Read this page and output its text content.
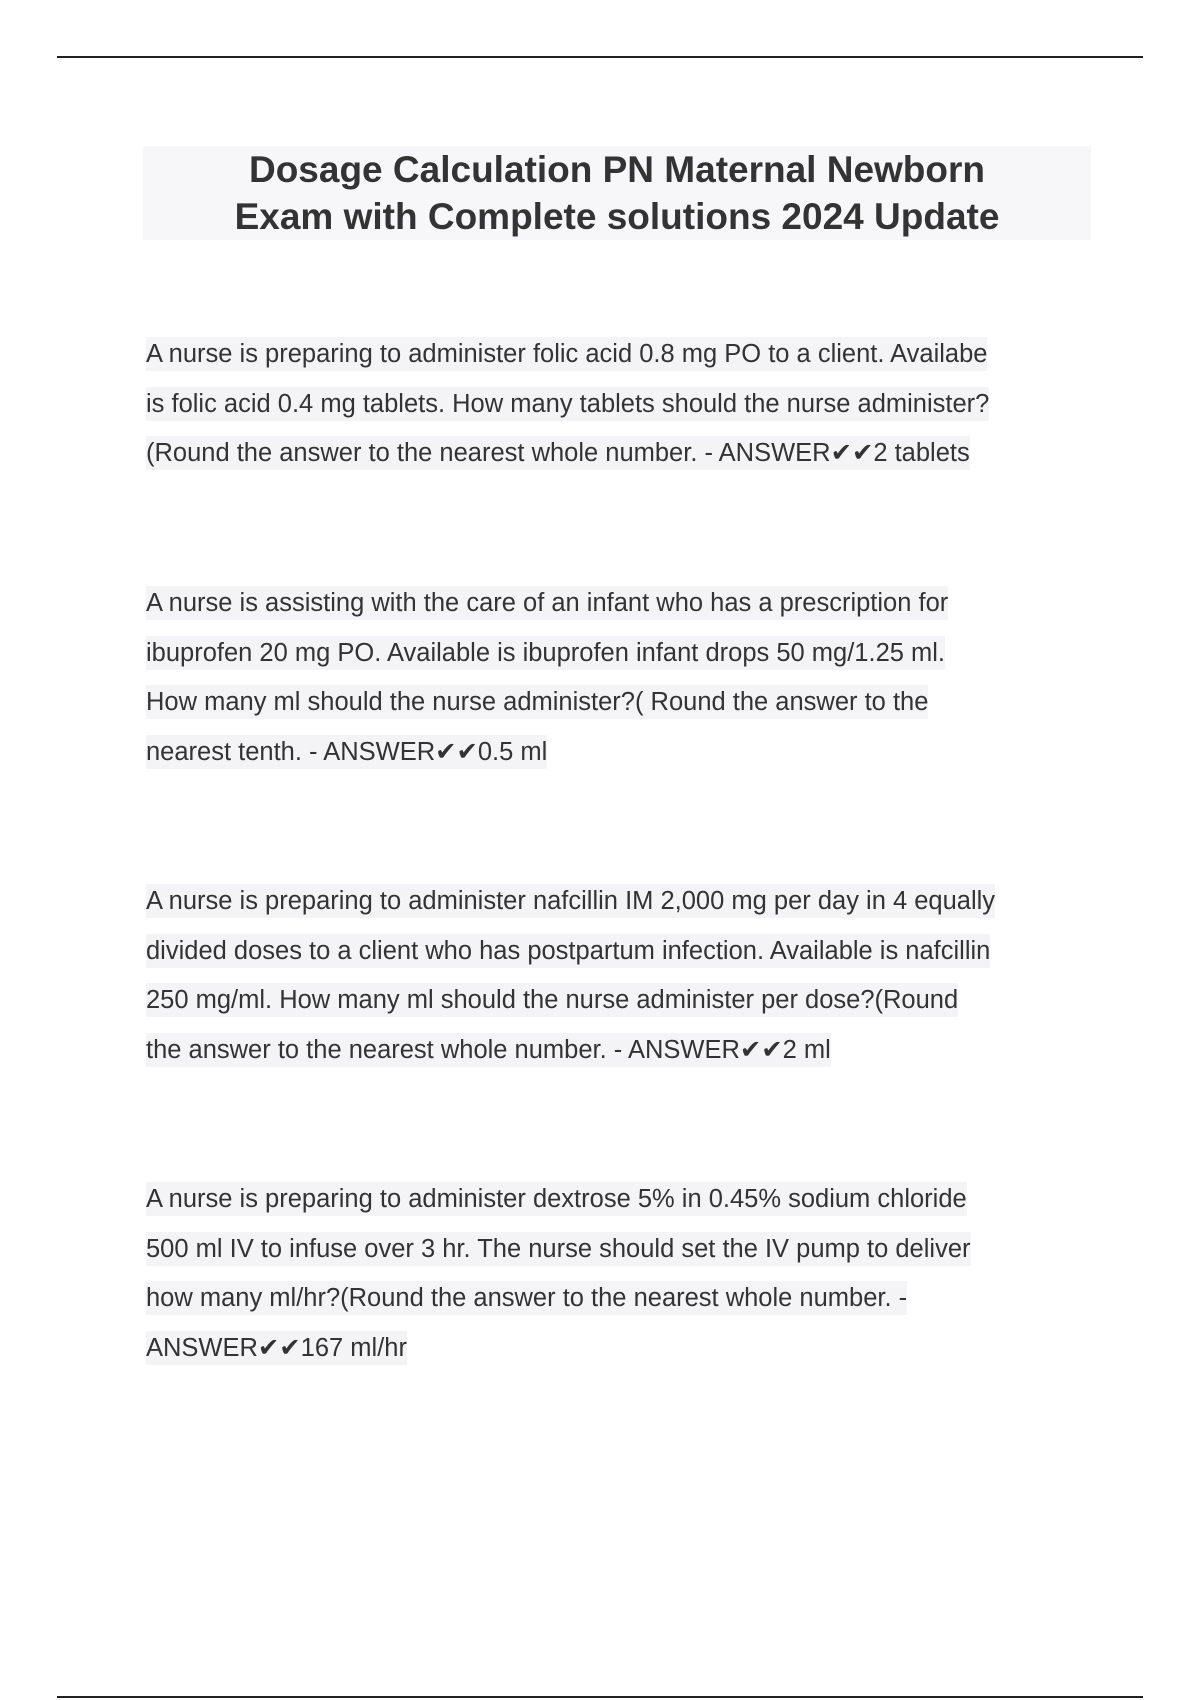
Dosage Calculation PN Maternal Newborn
Exam with Complete solutions 2024 Update
A nurse is preparing to administer folic acid 0.8 mg PO to a client. Availabe
is folic acid 0.4 mg tablets. How many tablets should the nurse administer?
(Round the answer to the nearest whole number. - ANSWER✔✔2 tablets
A nurse is assisting with the care of an infant who has a prescription for
ibuprofen 20 mg PO. Available is ibuprofen infant drops 50 mg/1.25 ml.
How many ml should the nurse administer?( Round the answer to the
nearest tenth. - ANSWER✔✔0.5 ml
A nurse is preparing to administer nafcillin IM 2,000 mg per day in 4 equally
divided doses to a client who has postpartum infection. Available is nafcillin
250 mg/ml. How many ml should the nurse administer per dose?(Round
the answer to the nearest whole number. - ANSWER✔✔2 ml
A nurse is preparing to administer dextrose 5% in 0.45% sodium chloride
500 ml IV to infuse over 3 hr. The nurse should set the IV pump to deliver
how many ml/hr?(Round the answer to the nearest whole number. -
ANSWER✔✔167 ml/hr
